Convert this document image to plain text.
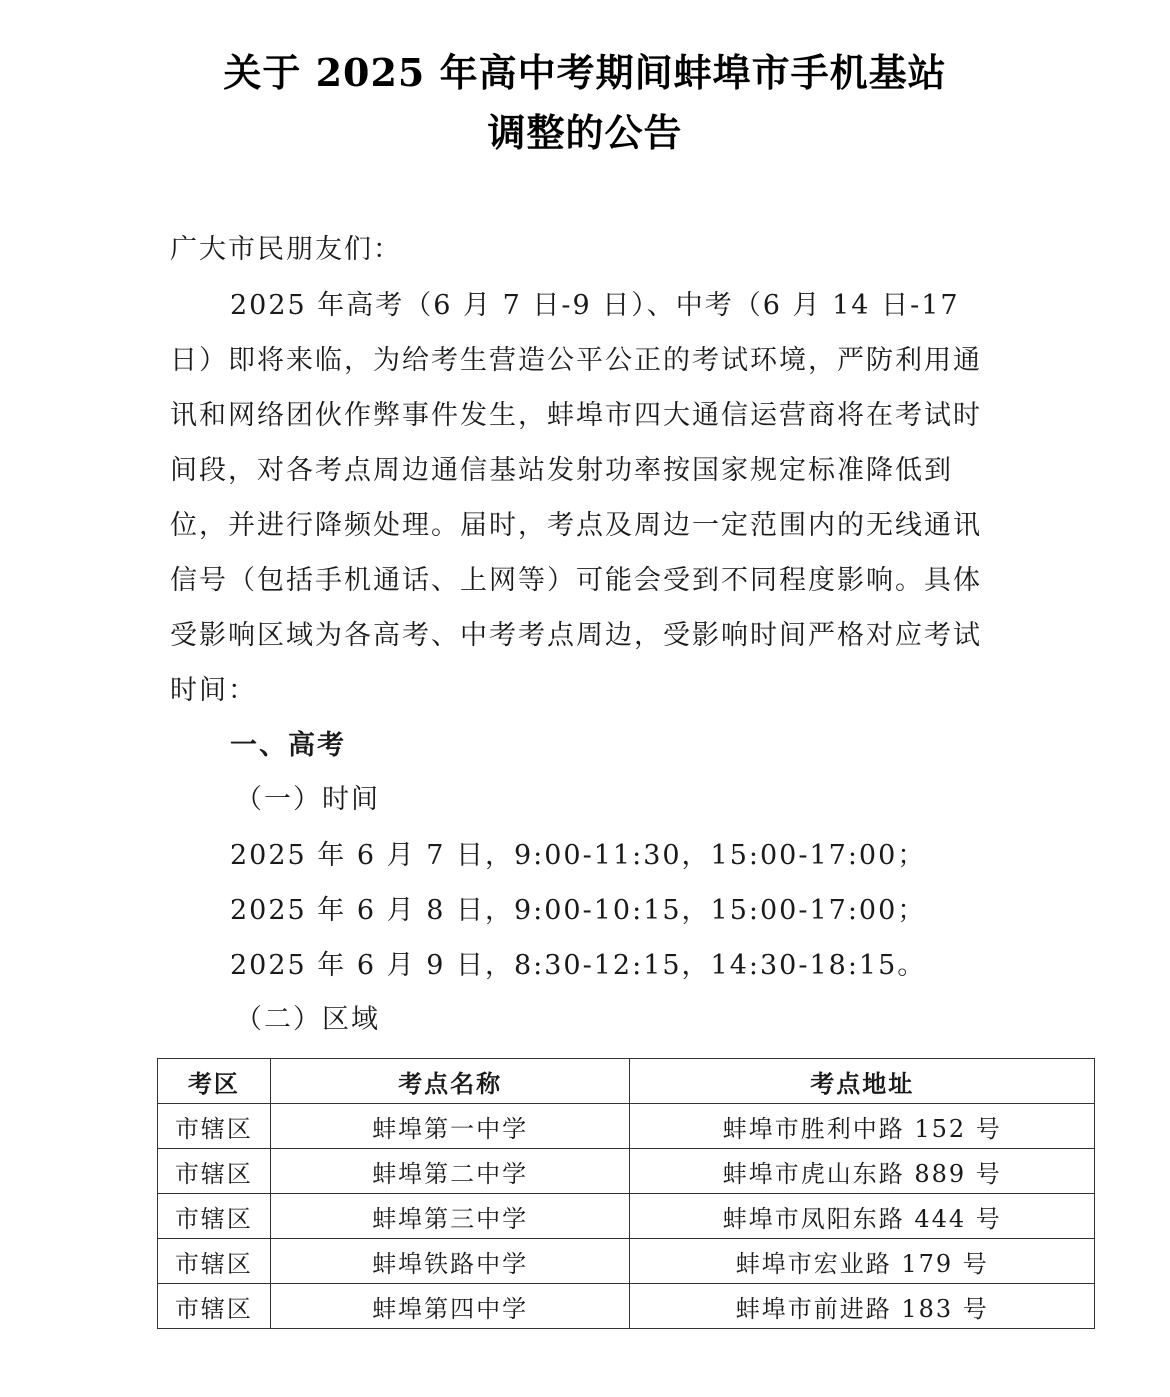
关于 2025 年高中考期间蚌埠市手机基站
调整的公告
广大市民朋友们：
2025 年高考（6 月 7 日-9 日）、中考（6 月 14 日-17 日）即将来临，为给考生营造公平公正的考试环境，严防利用通讯和网络团伙作弊事件发生，蚌埠市四大通信运营商将在考试时间段，对各考点周边通信基站发射功率按国家规定标准降低到位，并进行降频处理。届时，考点及周边一定范围内的无线通讯信号（包括手机通话、上网等）可能会受到不同程度影响。具体受影响区域为各高考、中考考点周边，受影响时间严格对应考试时间：
一、高考
（一）时间
2025 年 6 月 7 日，9:00-11:30，15:00-17:00；
2025 年 6 月 8 日，9:00-10:15，15:00-17:00；
2025 年 6 月 9 日，8:30-12:15，14:30-18:15。
（二）区域
考区	考点名称	考点地址
市辖区	蚌埠第一中学	蚌埠市胜利中路 152 号
市辖区	蚌埠第二中学	蚌埠市虎山东路 889 号
市辖区	蚌埠第三中学	蚌埠市凤阳东路 444 号
市辖区	蚌埠铁路中学	蚌埠市宏业路 179 号
市辖区	蚌埠第四中学	蚌埠市前进路 183 号
